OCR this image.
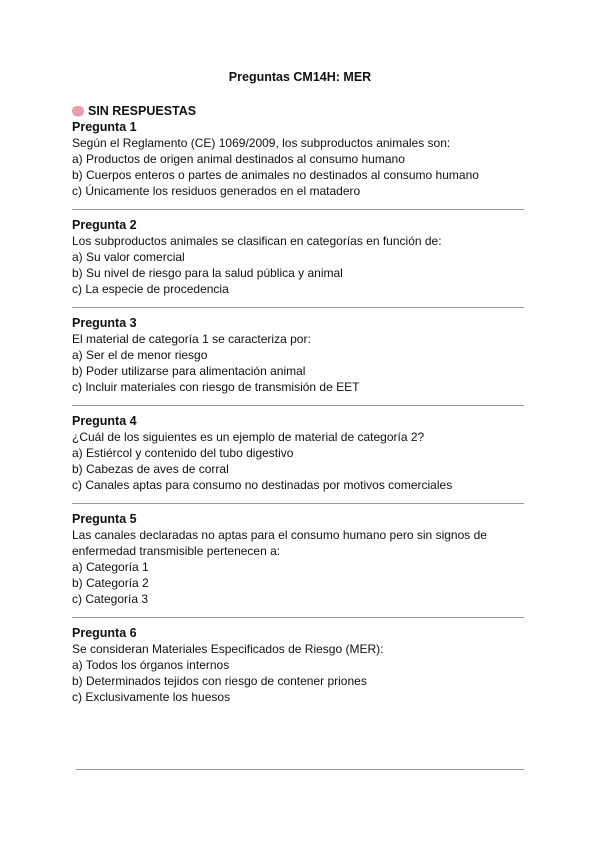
Preguntas CM14H: MER
SIN RESPUESTAS
Pregunta 1
Según el Reglamento (CE) 1069/2009, los subproductos animales son:
a) Productos de origen animal destinados al consumo humano
b) Cuerpos enteros o partes de animales no destinados al consumo humano
c) Únicamente los residuos generados en el matadero
Pregunta 2
Los subproductos animales se clasifican en categorías en función de:
a) Su valor comercial
b) Su nivel de riesgo para la salud pública y animal
c) La especie de procedencia
Pregunta 3
El material de categoría 1 se caracteriza por:
a) Ser el de menor riesgo
b) Poder utilizarse para alimentación animal
c) Incluir materiales con riesgo de transmisión de EET
Pregunta 4
¿Cuál de los siguientes es un ejemplo de material de categoría 2?
a) Estiércol y contenido del tubo digestivo
b) Cabezas de aves de corral
c) Canales aptas para consumo no destinadas por motivos comerciales
Pregunta 5
Las canales declaradas no aptas para el consumo humano pero sin signos de
enfermedad transmisible pertenecen a:
a) Categoría 1
b) Categoría 2
c) Categoría 3
Pregunta 6
Se consideran Materiales Especificados de Riesgo (MER):
a) Todos los órganos internos
b) Determinados tejidos con riesgo de contener priones
c) Exclusivamente los huesos
